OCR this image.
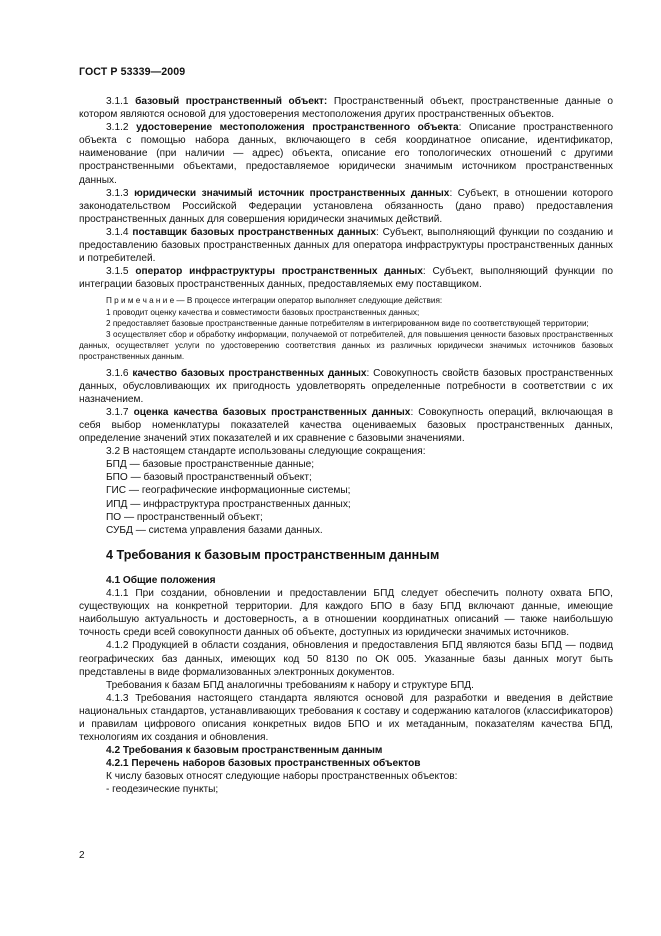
ГОСТ Р 53339—2009

3.1.1 базовый пространственный объект: Пространственный объект, пространственные данные о котором являются основой для удостоверения местоположения других пространственных объектов.

3.1.2 удостоверение местоположения пространственного объекта: Описание пространственного объекта с помощью набора данных, включающего в себя координатное описание, идентификатор, наименование (при наличии — адрес) объекта, описание его топологических отношений с другими пространственными объектами, предоставляемое юридически значимым источником пространственных данных.

3.1.3 юридически значимый источник пространственных данных: Субъект, в отношении которого законодательством Российской Федерации установлена обязанность (дано право) предоставления пространственных данных для совершения юридически значимых действий.

3.1.4 поставщик базовых пространственных данных: Субъект, выполняющий функции по созданию и предоставлению базовых пространственных данных для оператора инфраструктуры пространственных данных и потребителей.

3.1.5 оператор инфраструктуры пространственных данных: Субъект, выполняющий функции по интеграции базовых пространственных данных, предоставляемых ему поставщиком.

П р и м е ч а н и е — В процессе интеграции оператор выполняет следующие действия:

1 проводит оценку качества и совместимости базовых пространственных данных;

2 предоставляет базовые пространственные данные потребителям в интегрированном виде по соответствующей территории;

3 осуществляет сбор и обработку информации, получаемой от потребителей, для повышения ценности базовых пространственных данных, осуществляет услуги по удостоверению соответствия данных из различных юридически значимых источников базовых пространственных данным.

3.1.6 качество базовых пространственных данных: Совокупность свойств базовых пространственных данных, обусловливающих их пригодность удовлетворять определенные потребности в соответствии с их назначением.

3.1.7 оценка качества базовых пространственных данных: Совокупность операций, включающая в себя выбор номенклатуры показателей качества оцениваемых базовых пространственных данных, определение значений этих показателей и их сравнение с базовыми значениями.

3.2 В настоящем стандарте использованы следующие сокращения:

БПД — базовые пространственные данные;

БПО — базовый пространственный объект;

ГИС — географические информационные системы;

ИПД — инфраструктура пространственных данных;

ПО — пространственный объект;

СУБД — система управления базами данных.

4 Требования к базовым пространственным данным
4.1 Общие положения

4.1.1 При создании, обновлении и предоставлении БПД следует обеспечить полноту охвата БПО, существующих на конкретной территории. Для каждого БПО в базу БПД включают данные, имеющие наибольшую актуальность и достоверность, а в отношении координатных описаний — также наибольшую точность среди всей совокупности данных об объекте, доступных из юридически значимых источников.

4.1.2 Продукцией в области создания, обновления и предоставления БПД являются базы БПД — подвид географических баз данных, имеющих код 50 8130 по ОК 005. Указанные базы данных могут быть представлены в виде формализованных электронных документов.

Требования к базам БПД аналогичны требованиям к набору и структуре БПД.

4.1.3 Требования настоящего стандарта являются основой для разработки и введения в действие национальных стандартов, устанавливающих требования к составу и содержанию каталогов (классификаторов) и правилам цифрового описания конкретных видов БПО и их метаданным, показателям качества БПД, технологиям их создания и обновления.

4.2 Требования к базовым пространственным данным
4.2.1 Перечень наборов базовых пространственных объектов

К числу базовых относят следующие наборы пространственных объектов:

- геодезические пункты;

2
